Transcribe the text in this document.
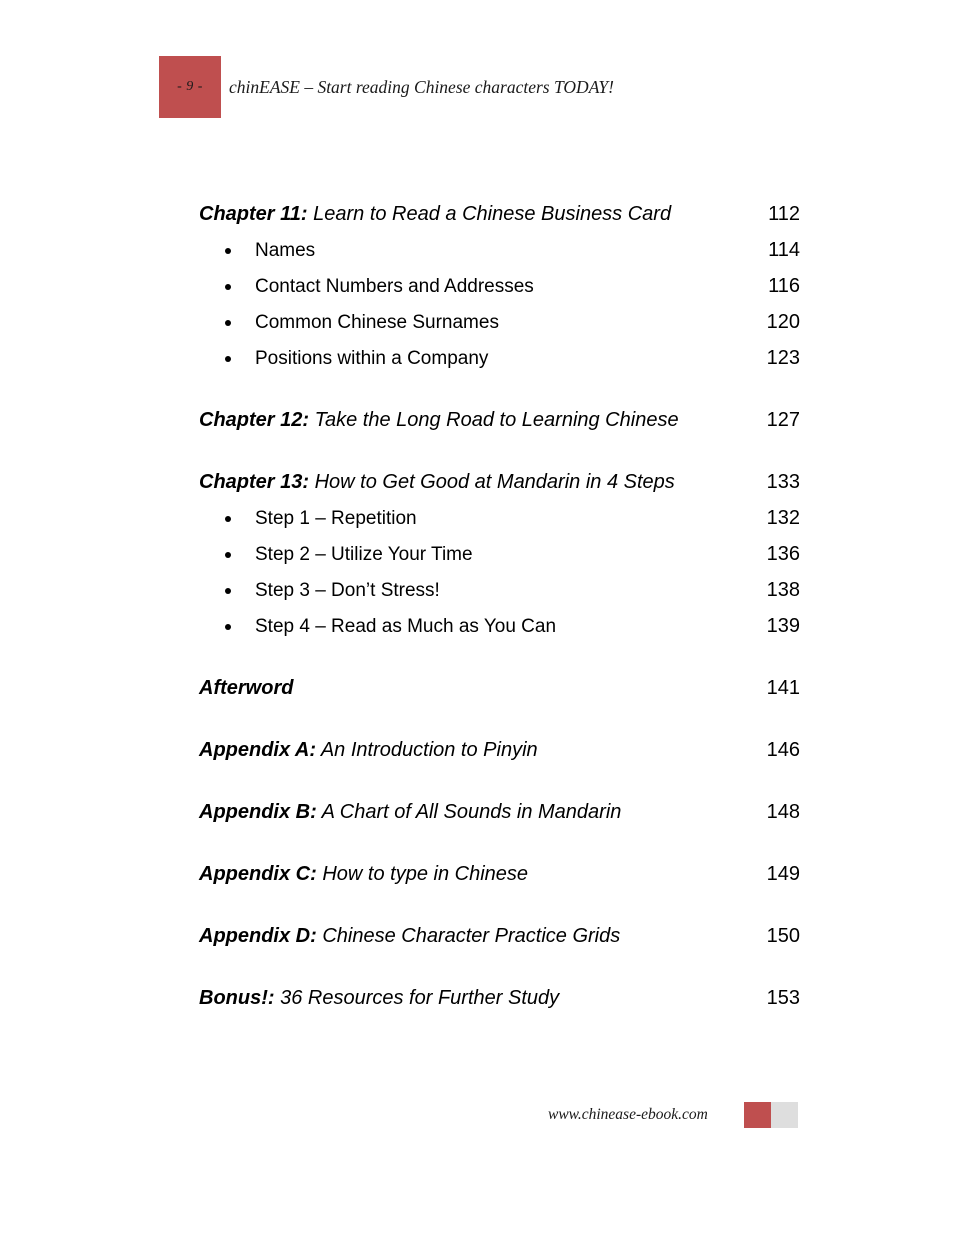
- 9 - chinEASE – Start reading Chinese characters TODAY!
Chapter 11: Learn to Read a Chinese Business Card	112
Names	114
Contact Numbers and Addresses	116
Common Chinese Surnames	120
Positions within a Company	123
Chapter 12: Take the Long Road to Learning Chinese	127
Chapter 13: How to Get Good at Mandarin in 4 Steps	133
Step 1 – Repetition	132
Step 2 – Utilize Your Time	136
Step 3 – Don’t Stress!	138
Step 4 – Read as Much as You Can	139
Afterword	141
Appendix A: An Introduction to Pinyin	146
Appendix B: A Chart of All Sounds in Mandarin	148
Appendix C: How to type in Chinese	149
Appendix D: Chinese Character Practice Grids	150
Bonus!: 36 Resources for Further Study	153
www.chinease-ebook.com
